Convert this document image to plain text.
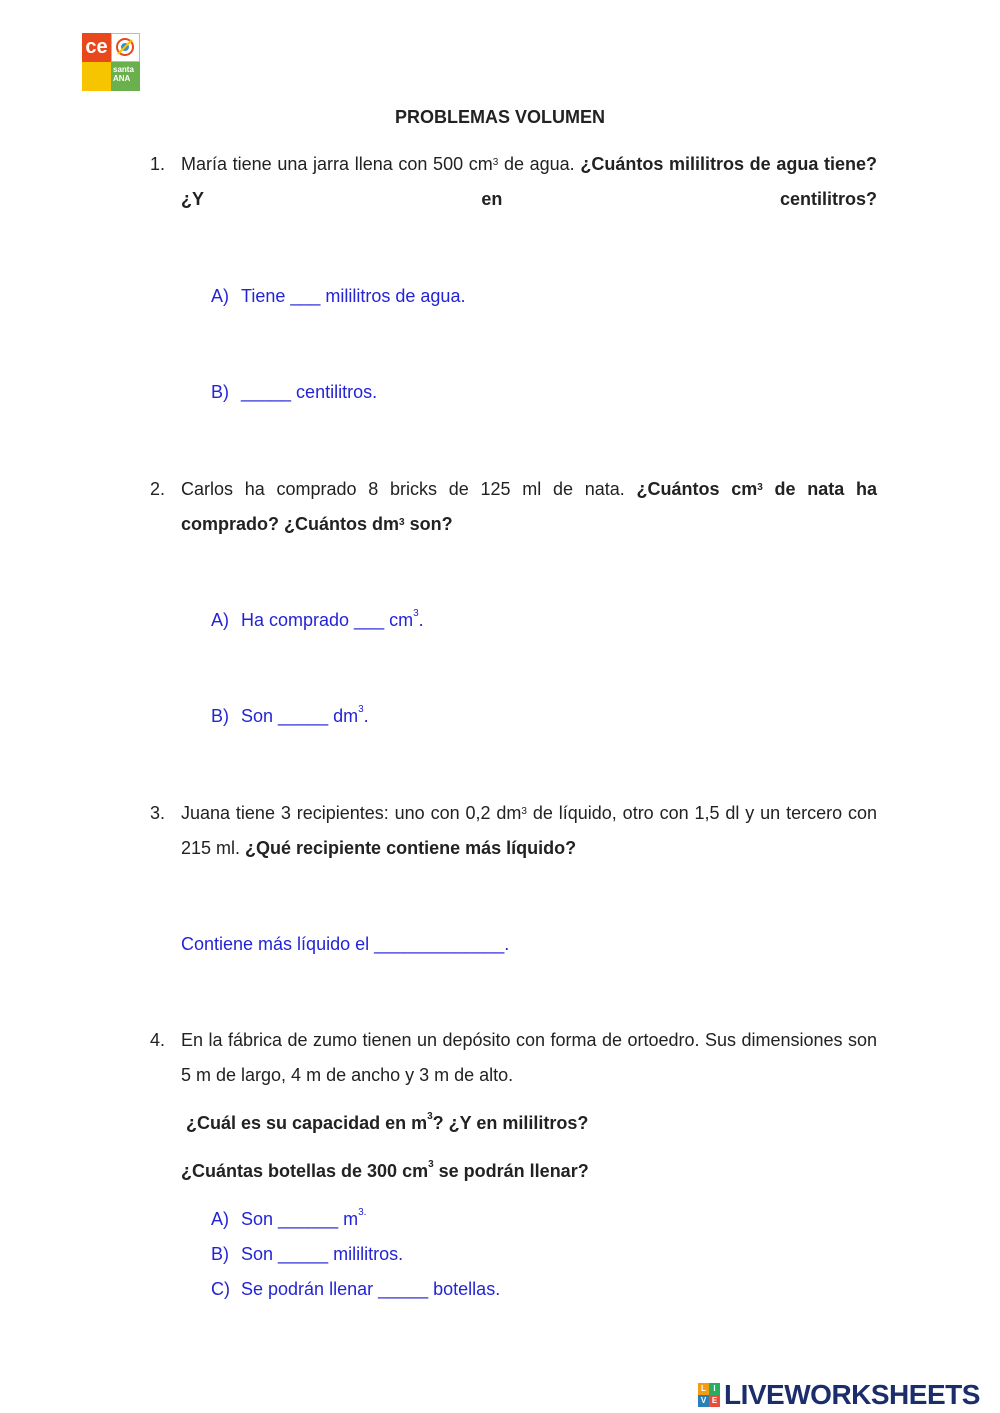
ce
santa
ANA
PROBLEMAS VOLUMEN
1. María tiene una jarra llena con 500 $cm^3$ de agua. ¿Cuántos mililitros de agua tiene? ¿Y en centilitros?
A) Tiene ___ mililitros de agua.
B) _____ centilitros.
2. Carlos ha comprado 8 bricks de 125 ml de nata. ¿Cuántos $cm^3$ de nata ha comprado? ¿Cuántos $dm^3$ son?
A) Ha comprado ___ $cm^3$.
B) Son _____ $dm^3$.
3. Juana tiene 3 recipientes: uno con 0,2 $dm^3$ de líquido, otro con 1,5 dl y un tercero con 215 ml. ¿Qué recipiente contiene más líquido?
Contiene más líquido el _____________.
4. En la fábrica de zumo tienen un depósito con forma de ortoedro. Sus dimensiones son 5 m de largo, 4 m de ancho y 3 m de alto.
¿Cuál es su capacidad en $m^3$? ¿Y en mililitros?
¿Cuántas botellas de 300 $cm^3$ se podrán llenar?
A) Son ______ $m^{3.}$
B) Son _____ mililitros.
C) Se podrán llenar _____ botellas.
L I
V E LIVEWORKSHEETS
